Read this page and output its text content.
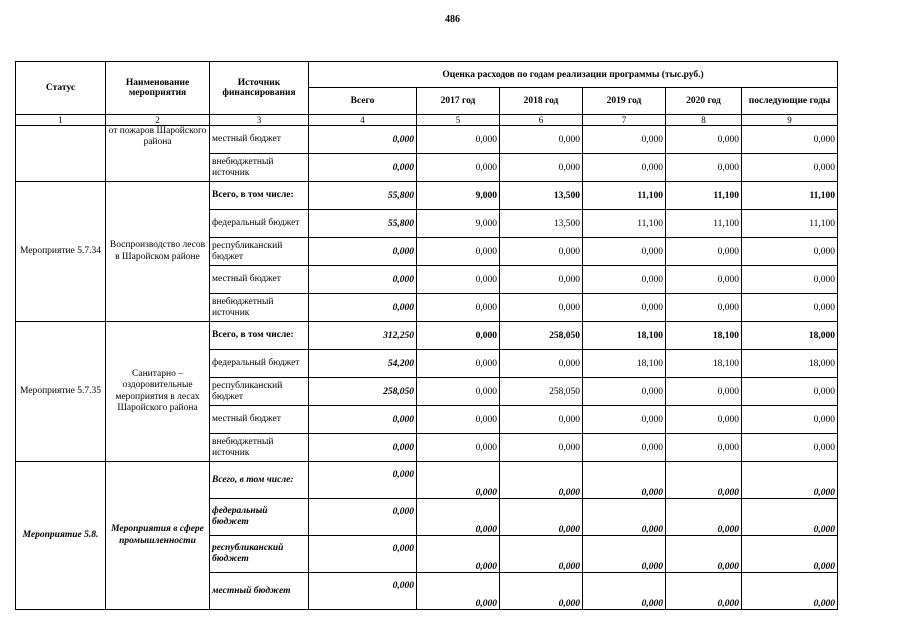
486
Статус	Наименование мероприятия	Источник финансирования	Оценка расходов по годам реализации программы (тыс.руб.)					
			Всего	2017 год	2018 год	2019 год	2020 год	последующие годы
1	2	3	4	5	6	7	8	9
	от пожаров Шаройского района	местный бюджет	0,000	0,000	0,000	0,000	0,000	0,000
		внебюджетный источник	0,000	0,000	0,000	0,000	0,000	0,000
Мероприятие 5.7.34	Воспроизводство лесов в Шаройском районе	Всего, в том числе:	55,800	9,000	13,500	11,100	11,100	11,100
		федеральный бюджет	55,800	9,000	13,500	11,100	11,100	11,100
		республиканский бюджет	0,000	0,000	0,000	0,000	0,000	0,000
		местный бюджет	0,000	0,000	0,000	0,000	0,000	0,000
		внебюджетный источник	0,000	0,000	0,000	0,000	0,000	0,000
Мероприятие 5.7.35	Санитарно – оздоровительные мероприятия в лесах Шаройского района	Всего, в том числе:	312,250	0,000	258,050	18,100	18,100	18,000
		федеральный бюджет	54,200	0,000	0,000	18,100	18,100	18,000
		республиканский бюджет	258,050	0,000	258,050	0,000	0,000	0,000
		местный бюджет	0,000	0,000	0,000	0,000	0,000	0,000
		внебюджетный источник	0,000	0,000	0,000	0,000	0,000	0,000
Мероприятие 5.8.	Мероприятия в сфере промышленности	Всего, в том числе:	0,000	0,000	0,000	0,000	0,000	0,000
		федеральный бюджет	0,000	0,000	0,000	0,000	0,000	0,000
		республиканский бюджет	0,000	0,000	0,000	0,000	0,000	0,000
		местный бюджет	0,000	0,000	0,000	0,000	0,000	0,000
